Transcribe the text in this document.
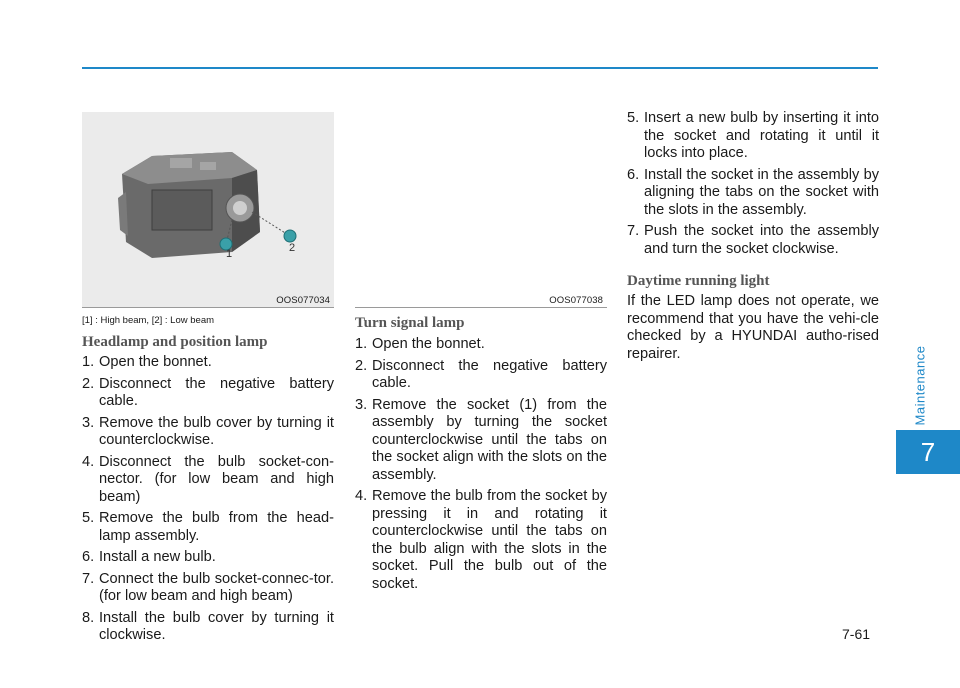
1	2
OOS077034
[1] : High beam, [2] : Low beam
Headlamp and position lamp
1. Open the bonnet.
2. Disconnect the negative battery cable.
3. Remove the bulb cover by turning it counterclockwise.
4. Disconnect the bulb socket-con-nector. (for low beam and high beam)
5. Remove the bulb from the head-lamp assembly.
6. Install a new bulb.
7. Connect the bulb socket-connec-tor. (for low beam and high beam)
8. Install the bulb cover by turning it clockwise.
OOS077038
Turn signal lamp
1. Open the bonnet.
2. Disconnect the negative battery cable.
3. Remove the socket (1) from the assembly by turning the socket counterclockwise until the tabs on the socket align with the slots on the assembly.
4. Remove the bulb from the socket by pressing it in and rotating it counterclockwise until the tabs on the bulb align with the slots in the socket. Pull the bulb out of the socket.
5. Insert a new bulb by inserting it into the socket and rotating it until it locks into place.
6. Install the socket in the assembly by aligning the tabs on the socket with the slots in the assembly.
7. Push the socket into the assembly and turn the socket clockwise.
Daytime running light

If the LED lamp does not operate, we recommend that you have the vehi-cle checked by a HYUNDAI autho-rised repairer.	Maintenance
7
7-61
